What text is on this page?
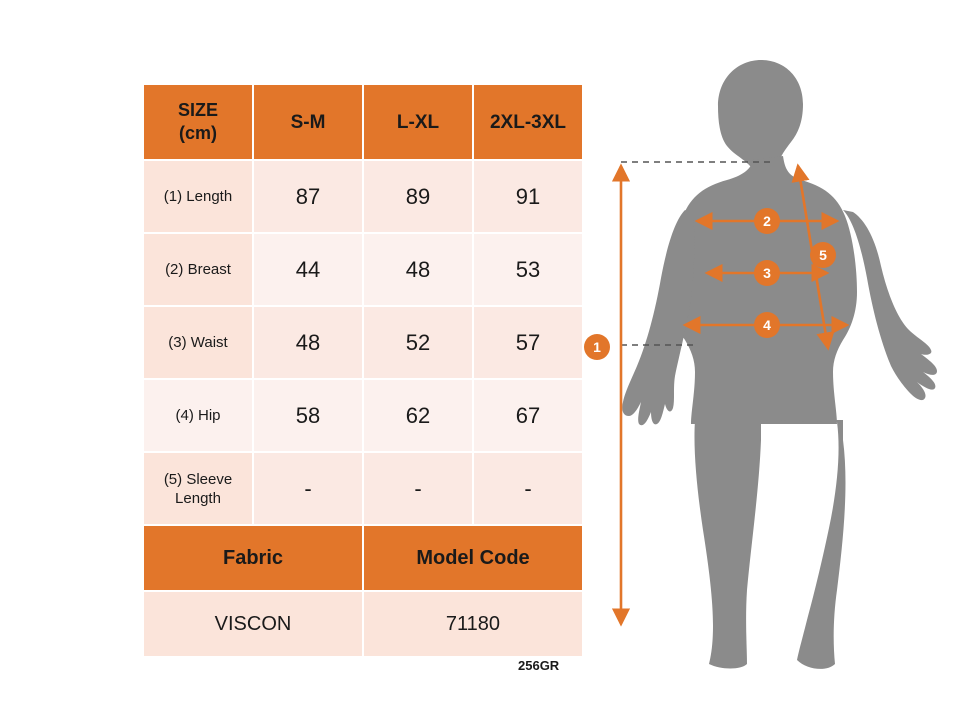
SIZE
(cm)	S-M	L-XL	2XL-3XL
(1) Length	87	89	91
(2) Breast	44	48	53
(3) Waist	48	52	57
(4) Hip	58	62	67
(5) Sleeve
Length	-	-	-
Fabric		Model Code	
VISCON		71180	
256GR
1
2
3
4
5
